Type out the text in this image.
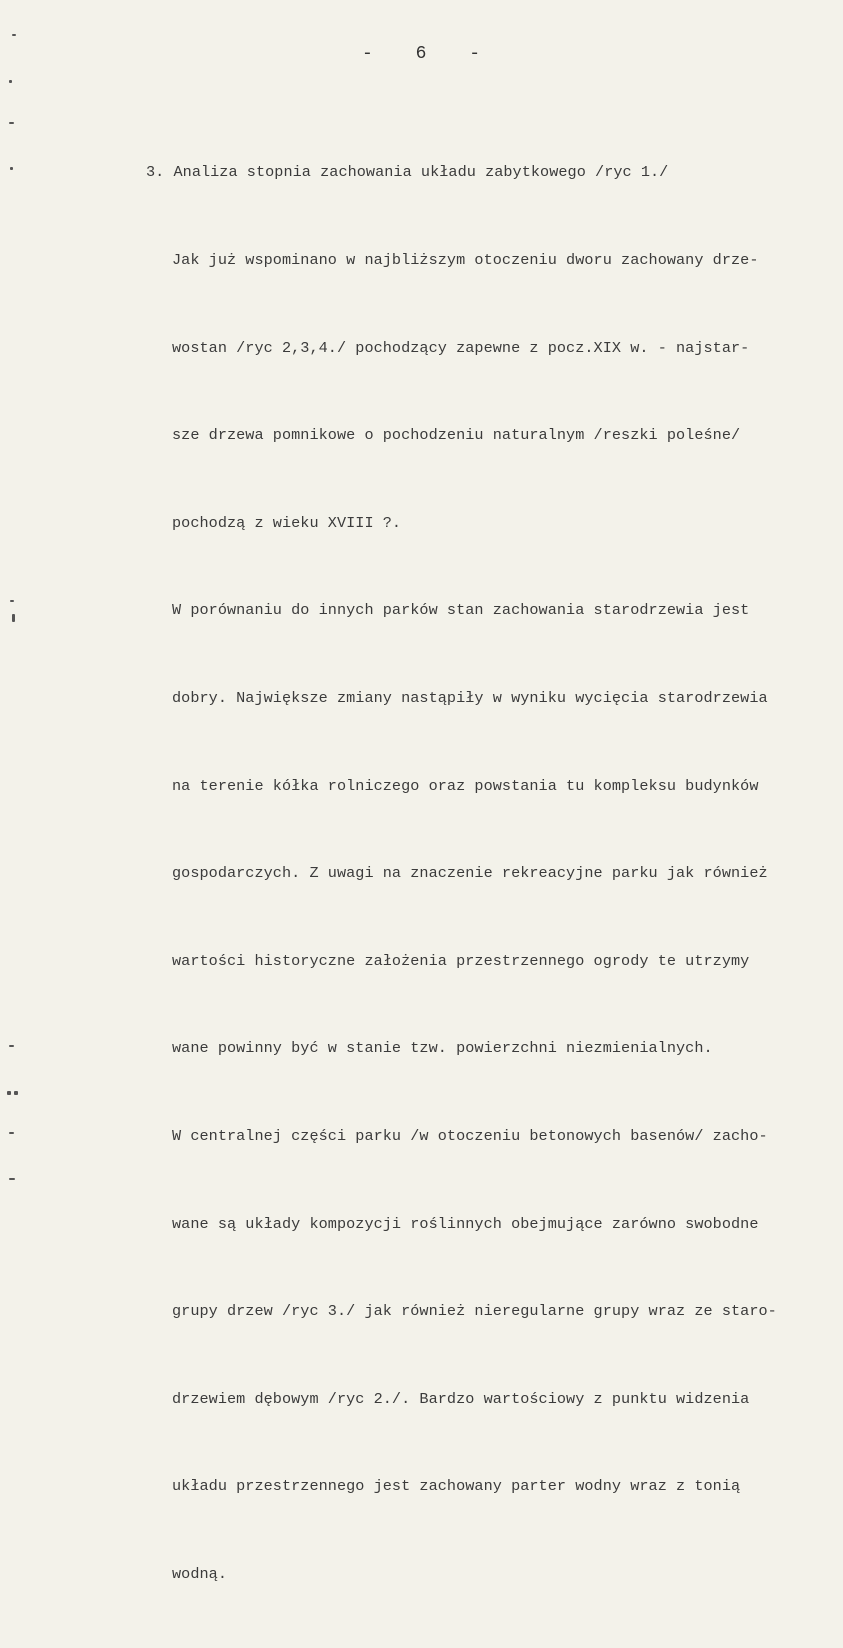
- 6 -

3. Analiza stopnia zachowania układu zabytkowego /ryc 1./

Jak już wspominano w najbliższym otoczeniu dworu zachowany drze-

wostan /ryc 2,3,4./ pochodzący zapewne z pocz.XIX w. - najstar-

sze drzewa pomnikowe o pochodzeniu naturalnym /reszki poleśne/

pochodzą z wieku XVIII ?.

W porównaniu do innych parków stan zachowania starodrzewia jest

dobry. Największe zmiany nastąpiły w wyniku wycięcia starodrzewia

na terenie kółka rolniczego oraz powstania tu kompleksu budynków

gospodarczych. Z uwagi na znaczenie rekreacyjne parku jak również

wartości historyczne założenia przestrzennego ogrody te utrzymy

wane powinny być w stanie tzw. powierzchni niezmienialnych.

W centralnej części parku /w otoczeniu betonowych basenów/ zacho-

wane są układy kompozycji roślinnych obejmujące zarówno swobodne

grupy drzew /ryc 3./ jak również nieregularne grupy wraz ze staro-

drzewiem dębowym /ryc 2./. Bardzo wartościowy z punktu widzenia

układu przestrzennego jest zachowany parter wodny wraz z tonią

wodną.
